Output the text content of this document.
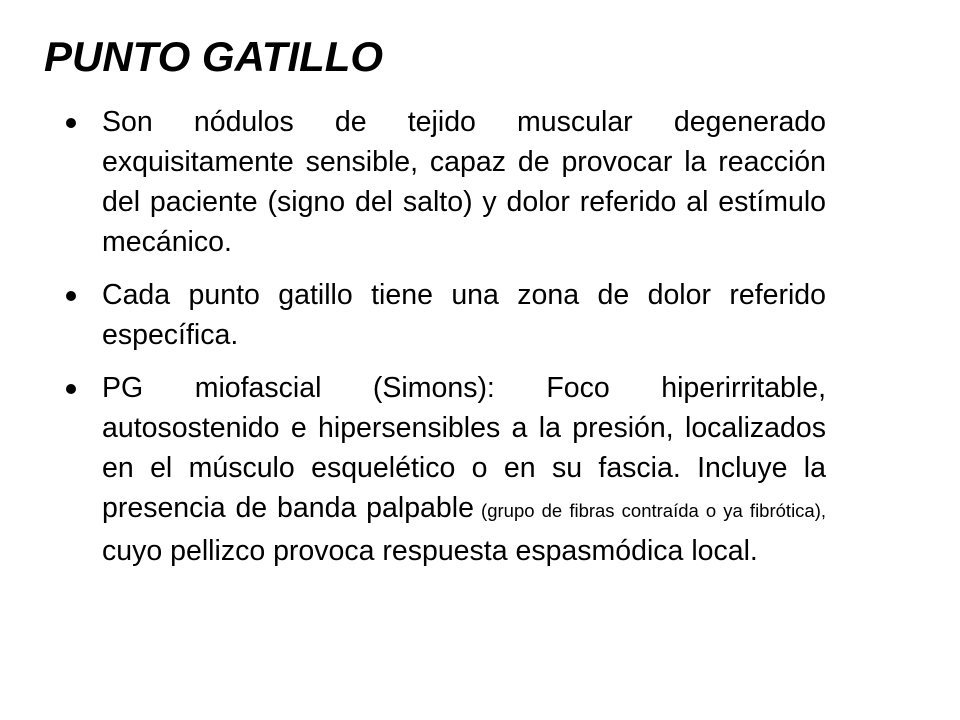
PUNTO GATILLO
Son nódulos de tejido muscular degenerado exquisitamente sensible, capaz de provocar la reacción del paciente (signo del salto) y dolor referido al estímulo mecánico.
Cada punto gatillo tiene una zona de dolor referido específica.
PG miofascial (Simons): Foco hiperirritable, autosostenido e hipersensibles a la presión, localizados en el músculo esquelético o en su fascia. Incluye la presencia de banda palpable (grupo de fibras contraída o ya fibrótica), cuyo pellizco provoca respuesta espasmódica local.
